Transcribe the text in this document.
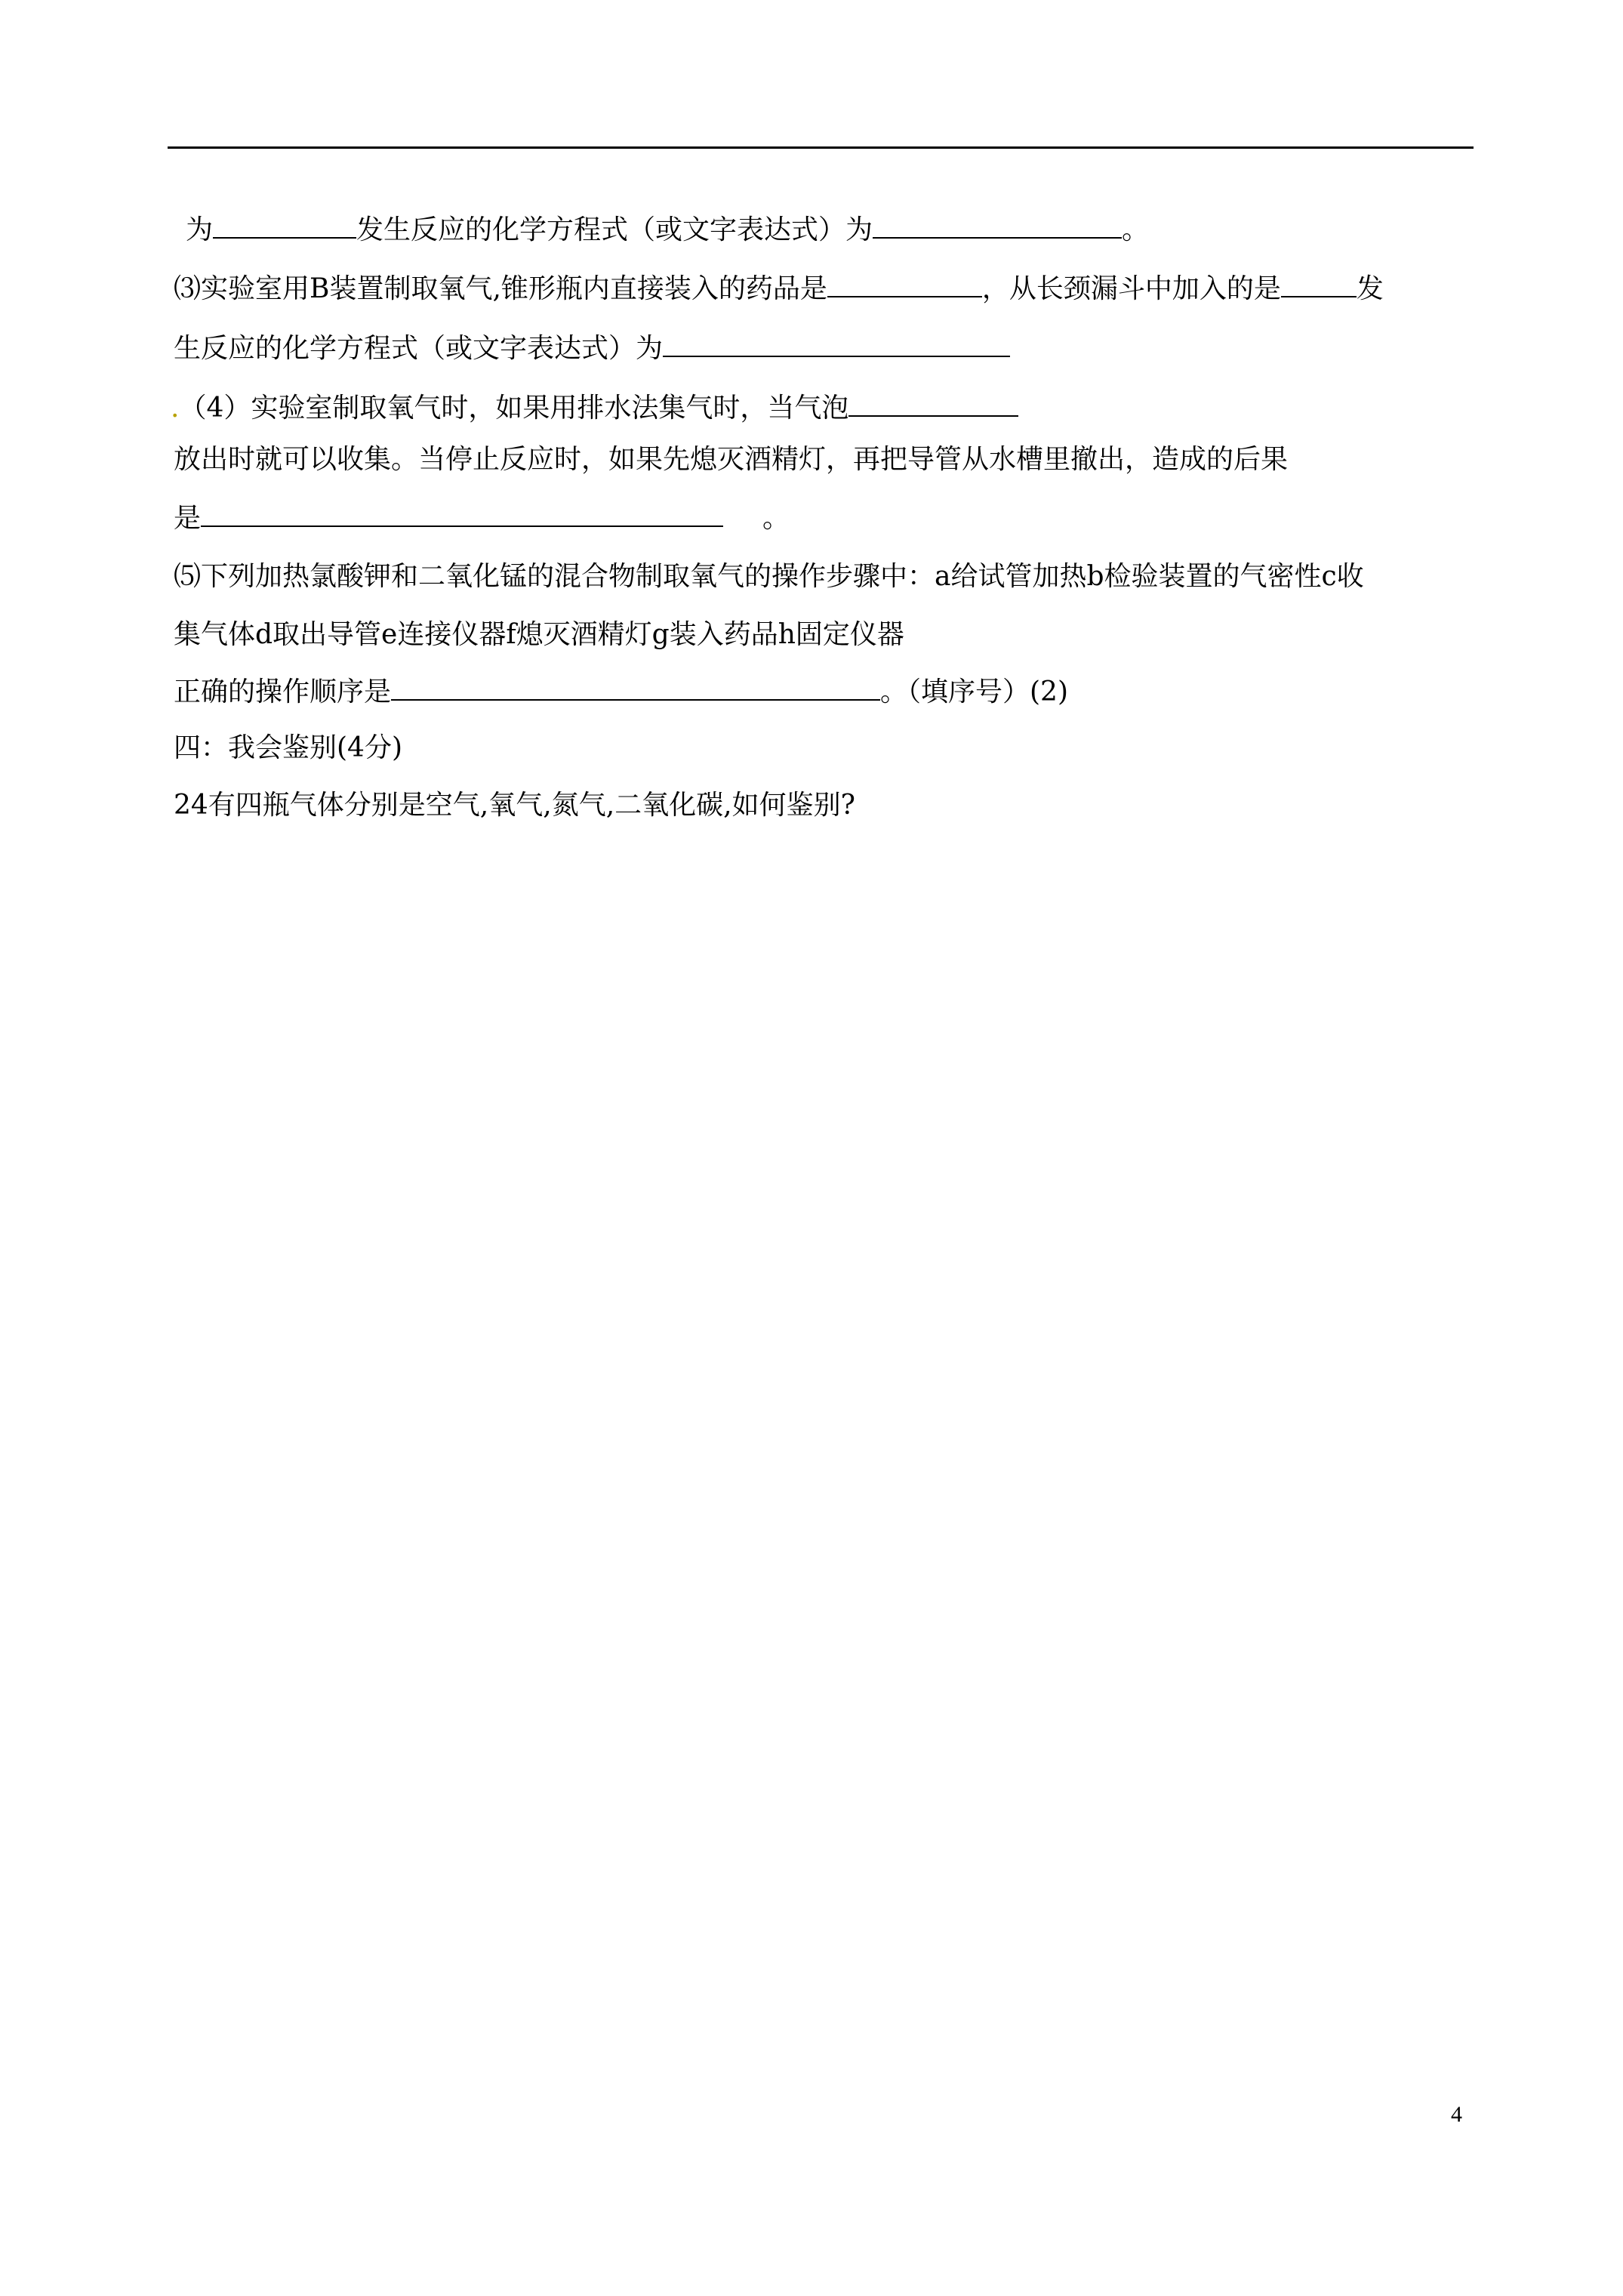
为	发生反应的化学方程式（或文字表达式）为	。
⑶实验室用B装置制取氧气,锥形瓶内直接装入的药品是	，从长颈漏斗中加入的是	发
生反应的化学方程式（或文字表达式）为
.（4）实验室制取氧气时，如果用排水法集气时，当气泡
放出时就可以收集。当停止反应时，如果先熄灭酒精灯，再把导管从水槽里撤出，造成的后果
是	。
⑸下列加热氯酸钾和二氧化锰的混合物制取氧气的操作步骤中：a给试管加热b检验装置的气密性c收
集气体d取出导管e连接仪器f熄灭酒精灯g装入药品h固定仪器
正确的操作顺序是	。（填序号）(2)
四：我会鉴别(4分)
24有四瓶气体分别是空气,氧气,氮气,二氧化碳,如何鉴别?
4
